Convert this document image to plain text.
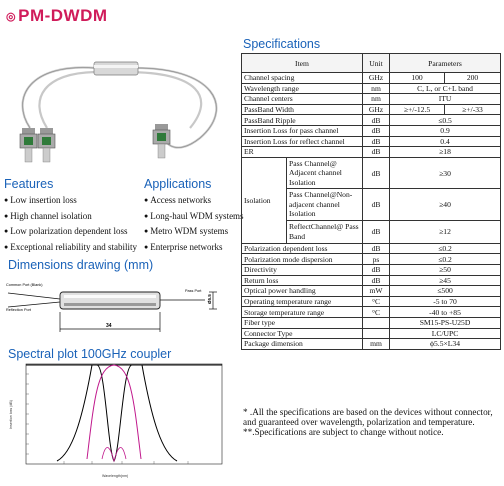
◎ PM-DWDM
Features
● Low insertion loss
● High channel isolation
● Low polarization dependent loss
● Exceptional reliability and stability
Applications
● Access networks
● Long-haul WDM systems
● Metro WDM systems
● Enterprise networks
Dimensions drawing (mm)
Common Port (Blank)
Reflection Port
Pass Port
Ø5.5
34
Spectral plot 100GHz coupler
Insertion loss (dB)
Wavelength(nm)
Specifications
Item		Unit	Parameters	
Channel spacing		GHz	100	200
Wavelength range		nm	C, L, or C+L band	
Channel centers		nm	ITU	
PassBand Width		GHz	≥+/-12.5	≥+/-33
PassBand Ripple		dB	≤0.5	
Insertion Loss for pass channel		dB	0.9	
Insertion Loss for reflect channel		dB	0.4	
ER		dB	≥18	
Isolation	Pass Channel@ Adjacent channel Isolation	dB	≥30	
	Pass Channel@Non-adjacent channel Isolation	dB	≥40	
	ReflectChannel@ Pass Band	dB	≥12	
Polarization dependent loss		dB	≤0.2	
Polarization mode dispersion		ps	≤0.2	
Directivity		dB	≥50	
Return loss		dB	≥45	
Optical power handling		mW	≤500	
Operating temperature range		°C	-5 to 70	
Storage temperature range		°C	-40 to +85	
Fiber type			SM15-PS-U25D	
Connector Type			LC/UPC	
Package dimension		mm	ϕ5.5×L34	
* .All the specifications are based on the devices without connector, and guaranteed over wavelength, polarization and temperature.
**.Specifications are subject to change without notice.
